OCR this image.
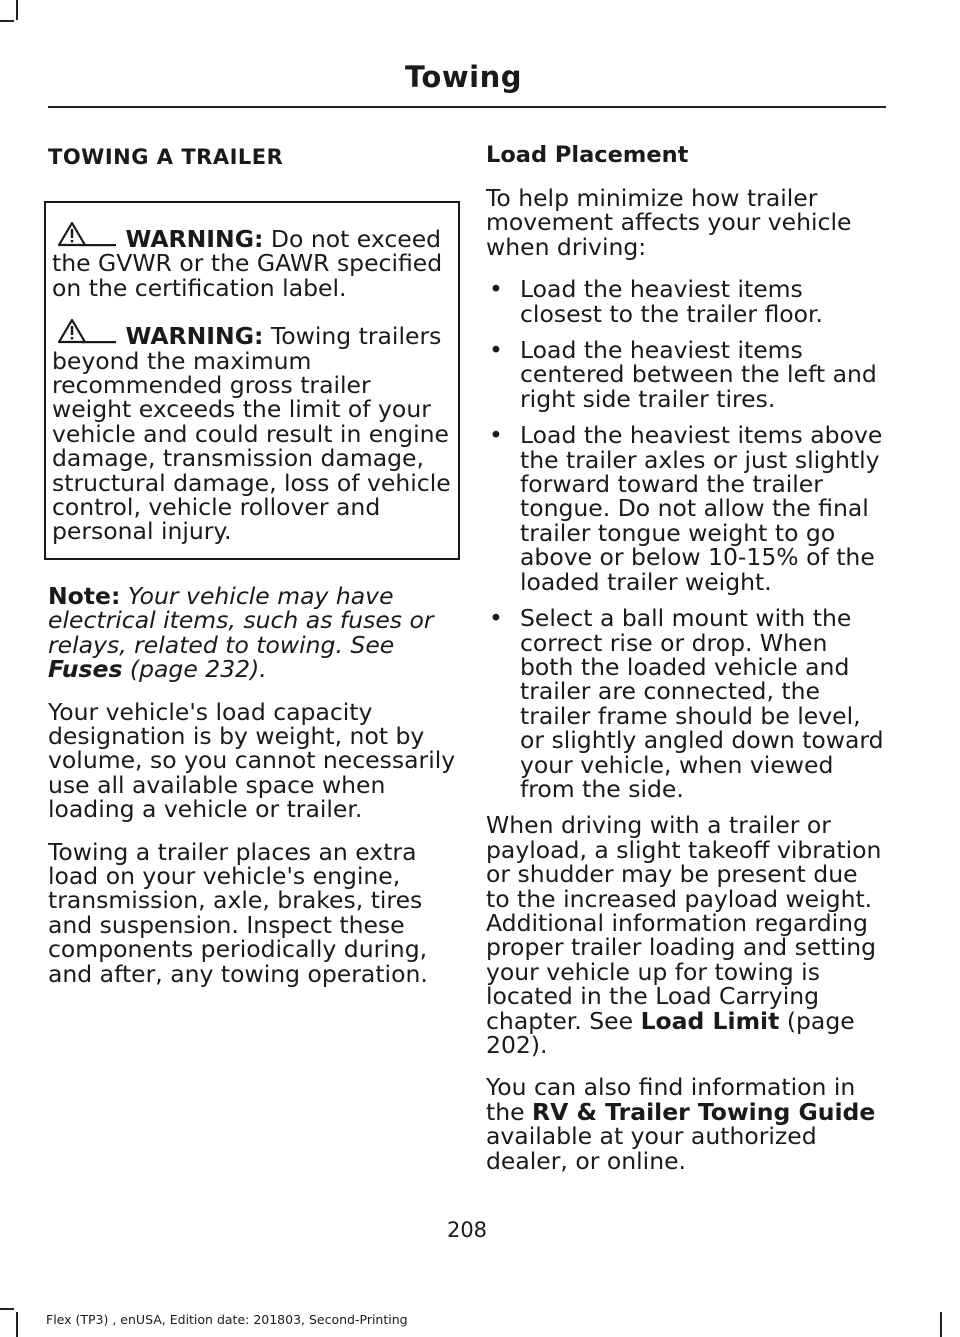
Towing
TOWING A TRAILER
WARNING: Do not exceed the GVWR or the GAWR specified on the certification label.
WARNING: Towing trailers beyond the maximum recommended gross trailer weight exceeds the limit of your vehicle and could result in engine damage, transmission damage, structural damage, loss of vehicle control, vehicle rollover and personal injury.

Note: Your vehicle may have electrical items, such as fuses or relays, related to towing. See Fuses (page 232).

Your vehicle's load capacity designation is by weight, not by volume, so you cannot necessarily use all available space when loading a vehicle or trailer.

Towing a trailer places an extra load on your vehicle's engine, transmission, axle, brakes, tires and suspension. Inspect these components periodically during, and after, any towing operation.

Load Placement

To help minimize how trailer movement affects your vehicle when driving:

• Load the heaviest items closest to the trailer floor.
• Load the heaviest items centered between the left and right side trailer tires.
• Load the heaviest items above the trailer axles or just slightly forward toward the trailer tongue. Do not allow the final trailer tongue weight to go above or below 10-15% of the loaded trailer weight.
• Select a ball mount with the correct rise or drop. When both the loaded vehicle and trailer are connected, the trailer frame should be level, or slightly angled down toward your vehicle, when viewed from the side.

When driving with a trailer or payload, a slight takeoff vibration or shudder may be present due to the increased payload weight. Additional information regarding proper trailer loading and setting your vehicle up for towing is located in the Load Carrying chapter. See Load Limit (page 202).

You can also find information in the RV & Trailer Towing Guide available at your authorized dealer, or online.

208
Flex (TP3) , enUSA, Edition date: 201803, Second-Printing
